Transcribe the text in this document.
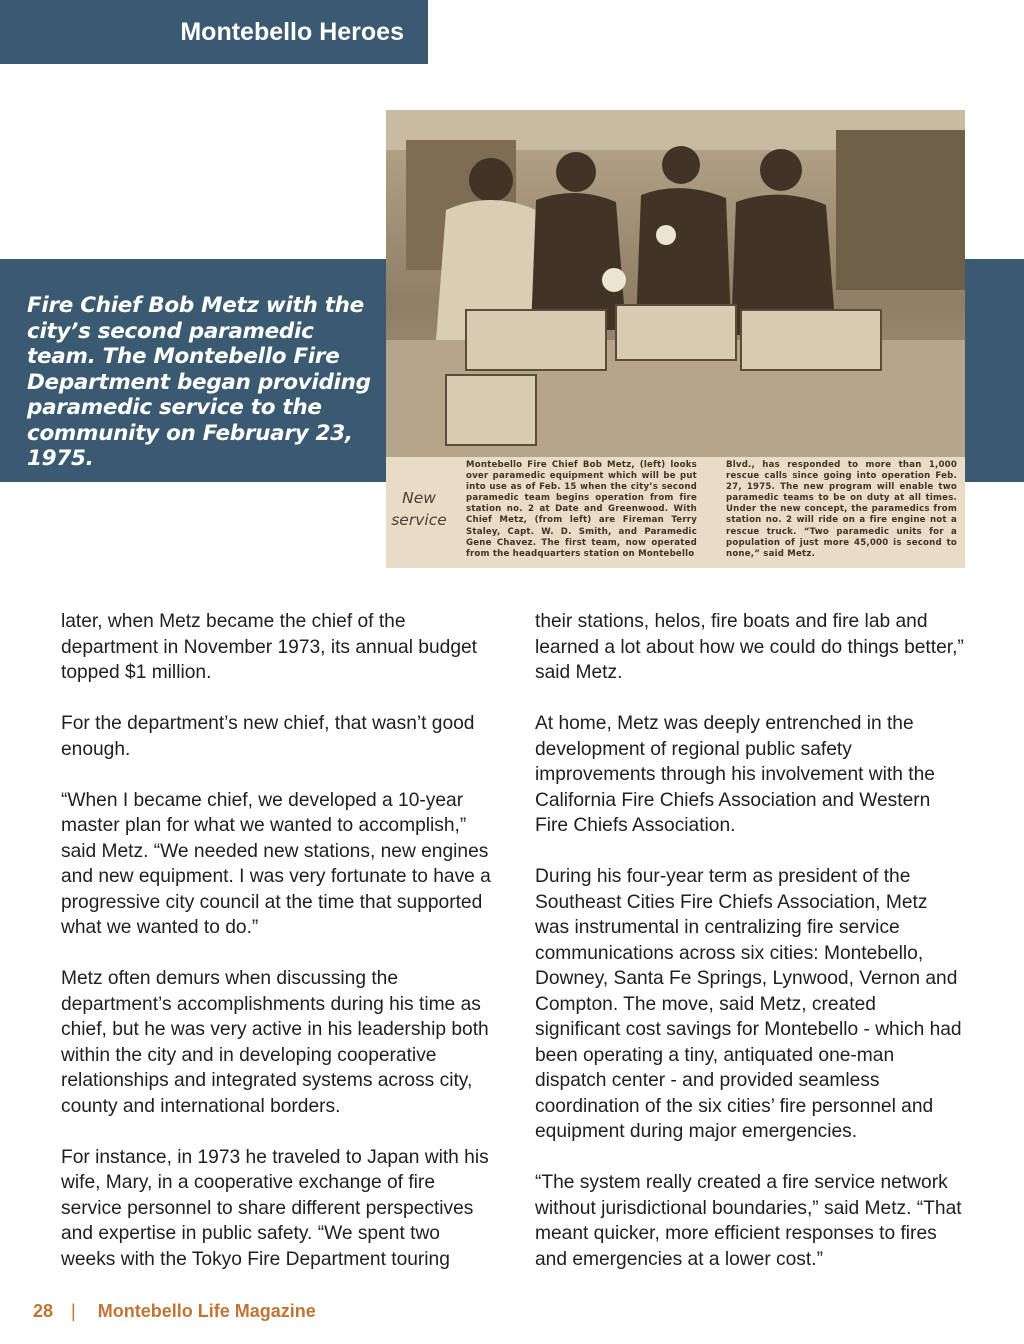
Montebello Heroes
Fire Chief Bob Metz with the city’s second paramedic team. The Montebello Fire Department began providing paramedic service to the community on February 23, 1975.
New
service
Montebello Fire Chief Bob Metz, (left) looks over paramedic equipment which will be put into use as of Feb. 15 when the city’s second paramedic team begins operation from fire station no. 2 at Date and Greenwood. With Chief Metz, (from left) are Fireman Terry Staley, Capt. W. D. Smith, and Paramedic Gene Chavez. The first team, now operated from the headquarters station on Montebello
Blvd., has responded to more than 1,000 rescue calls since going into operation Feb. 27, 1975. The new program will enable two paramedic teams to be on duty at all times. Under the new concept, the paramedics from station no. 2 will ride on a fire engine not a rescue truck. “Two paramedic units for a population of just more 45,000 is second to none,” said Metz.

later, when Metz became the chief of the department in November 1973, its annual budget topped $1 million.

For the department’s new chief, that wasn’t good enough.

“When I became chief, we developed a 10-year master plan for what we wanted to accomplish,” said Metz. “We needed new stations, new engines and new equipment. I was very fortunate to have a progressive city council at the time that supported what we wanted to do.”

Metz often demurs when discussing the department’s accomplishments during his time as chief, but he was very active in his leadership both within the city and in developing cooperative relationships and integrated systems across city, county and international borders.

For instance, in 1973 he traveled to Japan with his wife, Mary, in a cooperative exchange of fire service personnel to share different perspectives and expertise in public safety. “We spent two weeks with the Tokyo Fire Department touring

their stations, helos, fire boats and fire lab and learned a lot about how we could do things better,” said Metz.

At home, Metz was deeply entrenched in the development of regional public safety improvements through his involvement with the California Fire Chiefs Association and Western Fire Chiefs Association.

During his four-year term as president of the Southeast Cities Fire Chiefs Association, Metz was instrumental in centralizing fire service communications across six cities: Montebello, Downey, Santa Fe Springs, Lynwood, Vernon and Compton. The move, said Metz, created significant cost savings for Montebello - which had been operating a tiny, antiquated one-man dispatch center - and provided seamless coordination of the six cities’ fire personnel and equipment during major emergencies.

“The system really created a fire service network without jurisdictional boundaries,” said Metz. “That meant quicker, more efficient responses to fires and emergencies at a lower cost.”

28 | Montebello Life Magazine
